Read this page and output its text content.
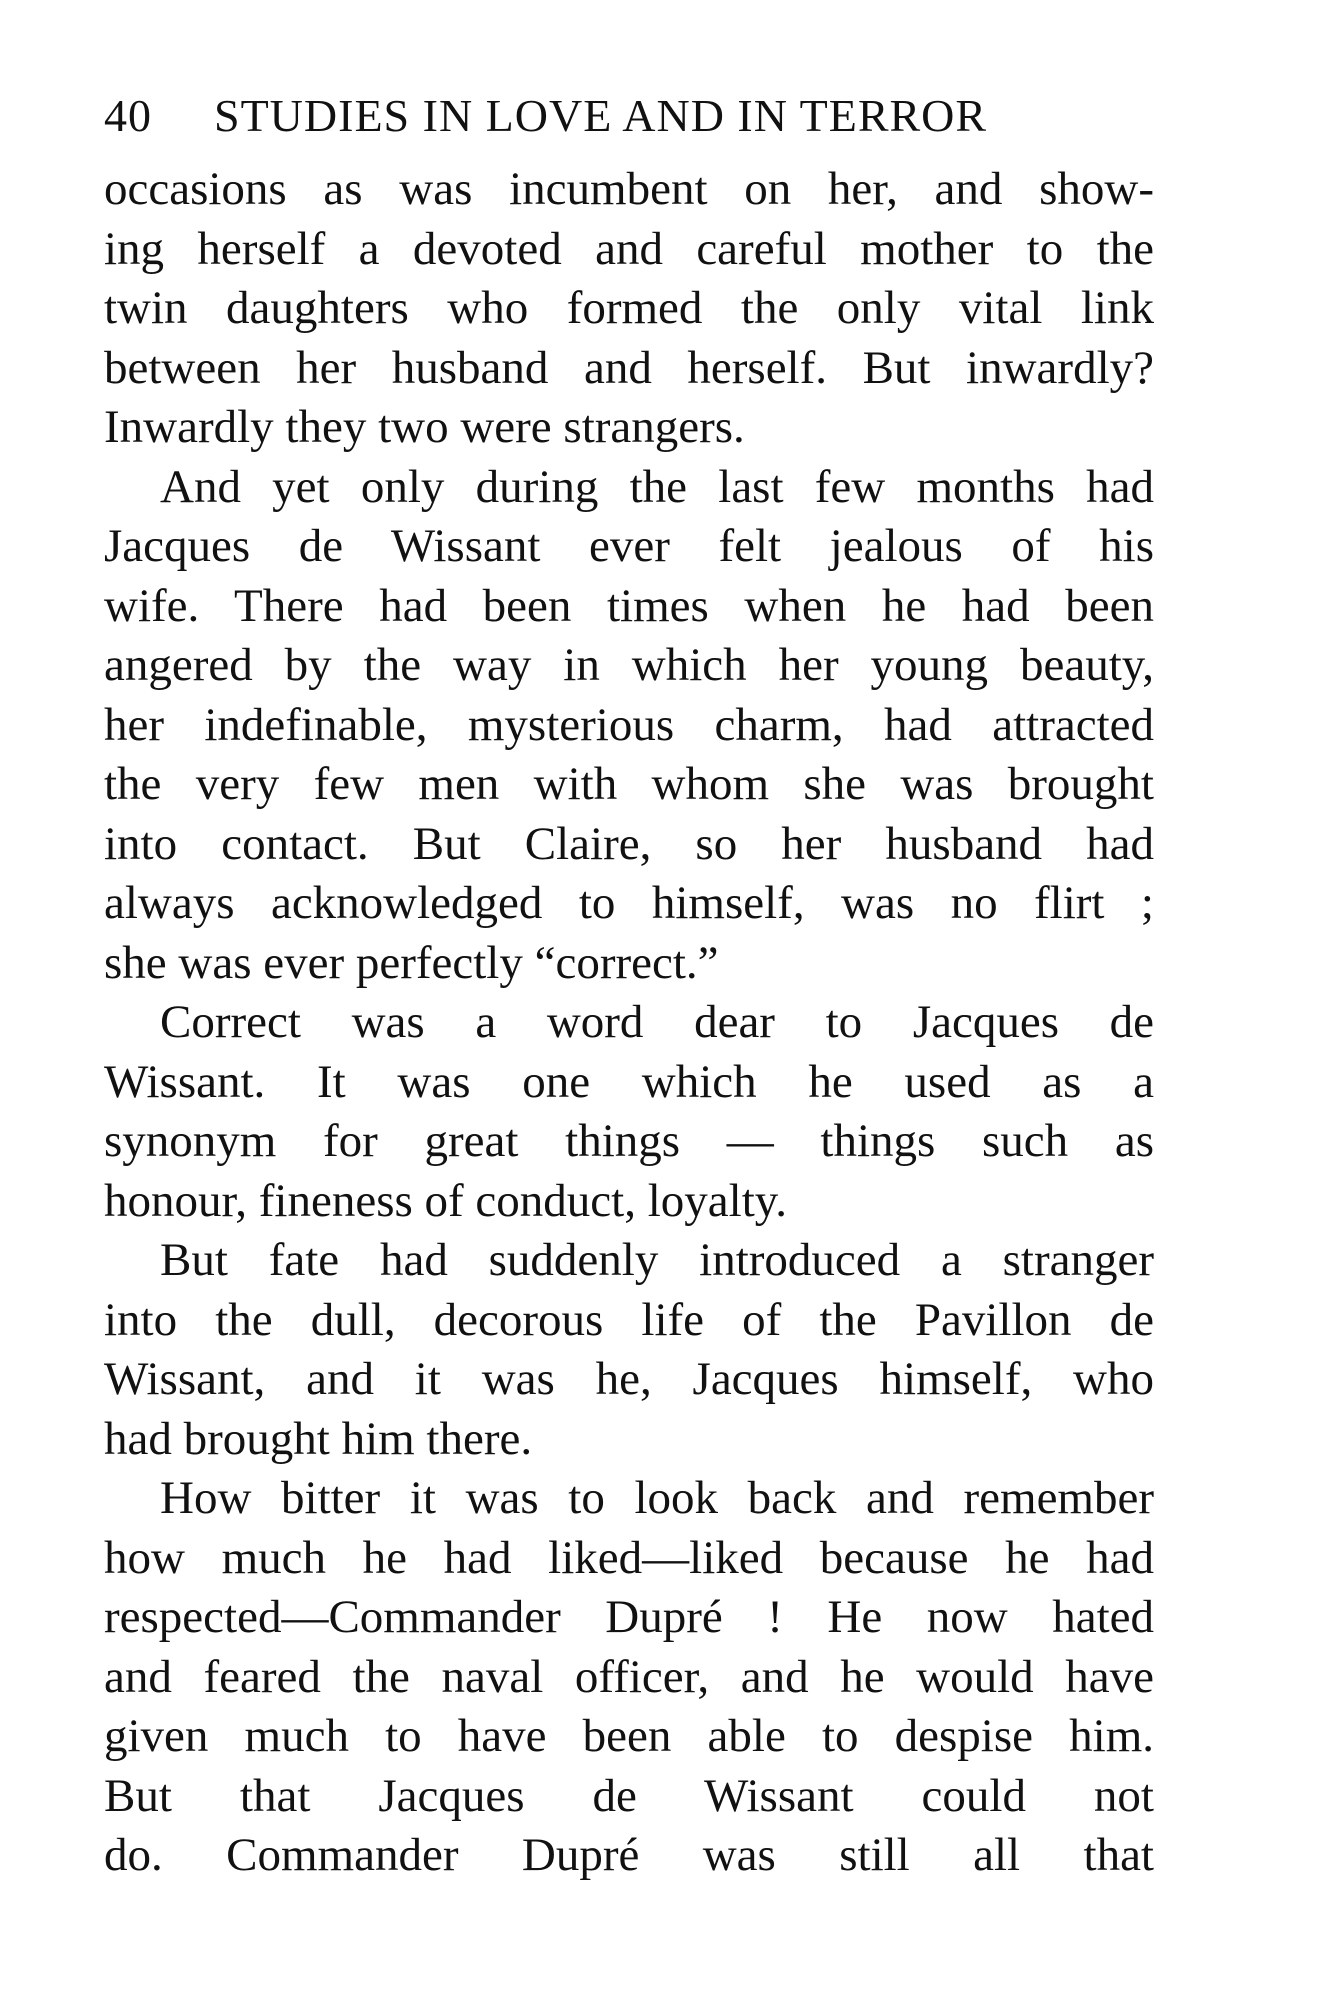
40 STUDIES IN LOVE AND IN TERROR
occasions as was incumbent on her, and show-
ing herself a devoted and careful mother to the
twin daughters who formed the only vital link
between her husband and herself. But inwardly?
Inwardly they two were strangers.
And yet only during the last few months had
Jacques de Wissant ever felt jealous of his
wife. There had been times when he had been
angered by the way in which her young beauty,
her indefinable, mysterious charm, had attracted
the very few men with whom she was brought
into contact. But Claire, so her husband had
always acknowledged to himself, was no flirt ;
she was ever perfectly “correct.”
Correct was a word dear to Jacques de
Wissant. It was one which he used as a
synonym for great things — things such as
honour, fineness of conduct, loyalty.
But fate had suddenly introduced a stranger
into the dull, decorous life of the Pavillon de
Wissant, and it was he, Jacques himself, who
had brought him there.
How bitter it was to look back and remember
how much he had liked—liked because he had
respected—Commander Dupré ! He now hated
and feared the naval officer, and he would have
given much to have been able to despise him.
But that Jacques de Wissant could not
do. Commander Dupré was still all that
